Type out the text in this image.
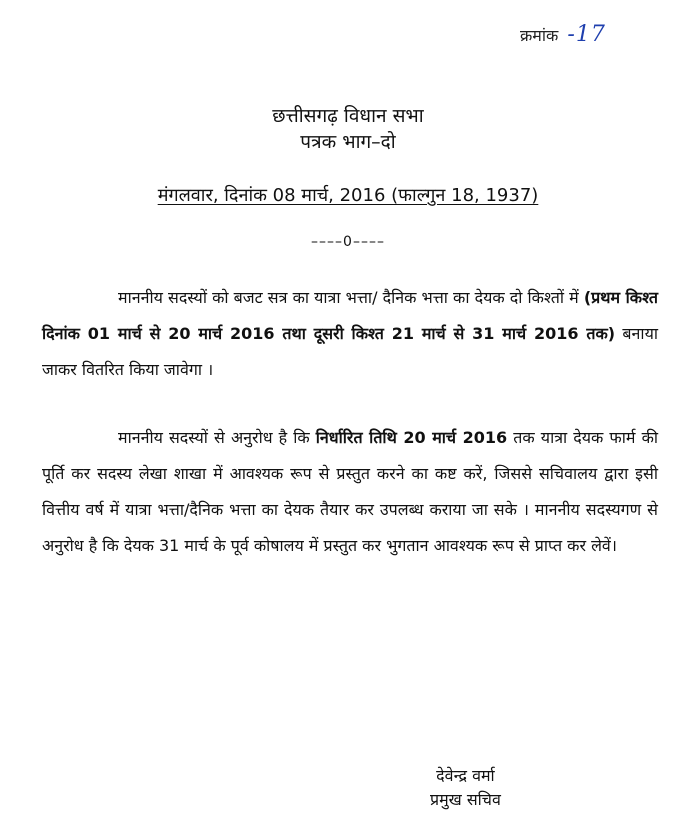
क्रमांक -17
छत्तीसगढ़ विधान सभा
पत्रक भाग–दो
मंगलवार, दिनांक 08 मार्च, 2016 (फाल्गुन 18, 1937)
––––0––––

माननीय सदस्यों को बजट सत्र का यात्रा भत्ता/ दैनिक भत्ता का देयक दो किश्तों में (प्रथम किश्त दिनांक 01 मार्च से 20 मार्च 2016 तथा दूसरी किश्त 21 मार्च से 31 मार्च 2016 तक) बनाया जाकर वितरित किया जावेगा ।

माननीय सदस्यों से अनुरोध है कि निर्धारित तिथि 20 मार्च 2016 तक यात्रा देयक फार्म की पूर्ति कर सदस्य लेखा शाखा में आवश्यक रूप से प्रस्तुत करने का कष्ट करें, जिससे सचिवालय द्वारा इसी वित्तीय वर्ष में यात्रा भत्ता/दैनिक भत्ता का देयक तैयार कर उपलब्ध कराया जा सके । माननीय सदस्यगण से अनुरोध है कि देयक 31 मार्च के पूर्व कोषालय में प्रस्तुत कर भुगतान आवश्यक रूप से प्राप्त कर लेवें।

देवेन्द्र वर्मा
प्रमुख सचिव
